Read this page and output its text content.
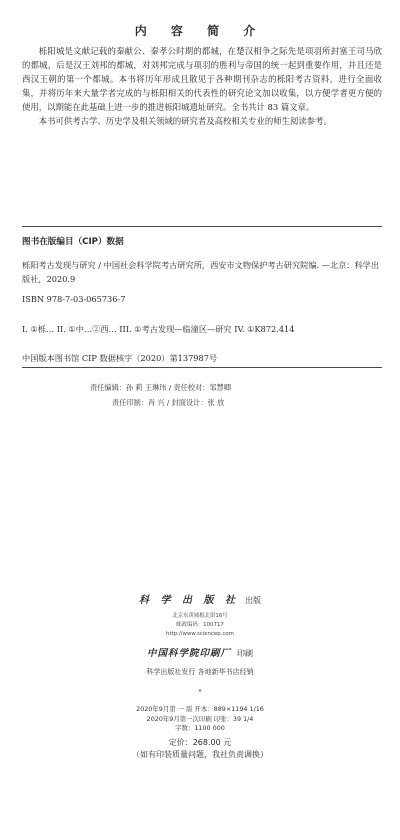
内 容 简 介

栎阳城是文献记载的秦献公、秦孝公时期的都城，在楚汉相争之际先是项羽所封塞王司马欣的都城，后是汉王刘邦的都城，对刘邦完成与项羽的胜利与帝国的统一起到重要作用，并且还是西汉王朝的第一个都城。本书将历年形成且散见于各种期刊杂志的栎阳考古资料，进行全面收集，并将历年来大量学者完成的与栎阳相关的代表性的研究论文加以收集，以方便学者更方便的使用，以期能在此基础上进一步的推进栎阳城遗址研究。全书共计 83 篇文章。

本书可供考古学、历史学及相关领域的研究者及高校相关专业的师生阅读参考。

图书在版编目（CIP）数据
栎阳考古发现与研究 / 中国社会科学院考古研究所，西安市文物保护考古研究院编. —北京：科学出版社，2020.9
ISBN 978-7-03-065736-7
I. ①栎… II. ①中…②西… III. ①考古发现—临潼区—研究 IV. ①K872.414
中国版本图书馆 CIP 数据核字（2020）第137987号
责任编辑：孙 莉 王琳玮 / 责任校对：邹慧卿
责任印制：肖 兴 / 封面设计：张 放
科 学 出 版 社 出版
北京东黄城根北街16号
邮政编码：100717
http://www.sciencep.com
中国科学院印刷厂 印刷
科学出版社发行 各地新华书店经销
*
2020年9月第 一 版 开本：889×1194 1/16
2020年9月第一次印刷 印张：39 1/4
字数：1100 000
定价：268.00 元
（如有印装质量问题，我社负责调换）
